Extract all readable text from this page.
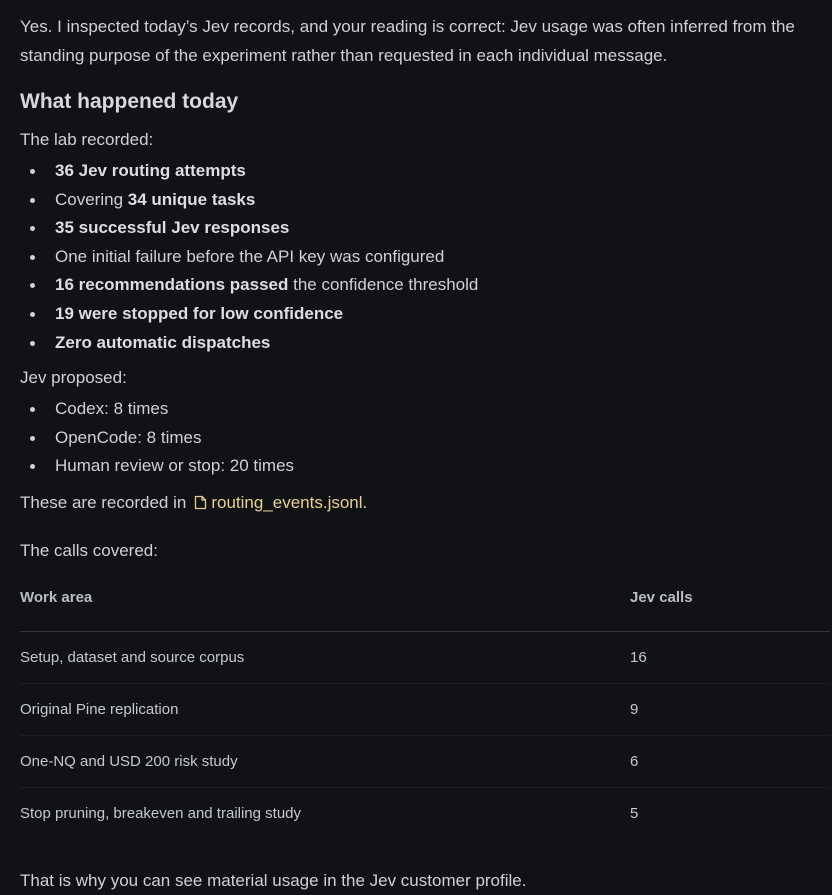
Yes. I inspected today’s Jev records, and your reading is correct: Jev usage was often inferred from the standing purpose of the experiment rather than requested in each individual message.

What happened today

The lab recorded:

36 Jev routing attempts
Covering 34 unique tasks
35 successful Jev responses
One initial failure before the API key was configured
16 recommendations passed the confidence threshold
19 were stopped for low confidence
Zero automatic dispatches

Jev proposed:

Codex: 8 times
OpenCode: 8 times
Human review or stop: 20 times

These are recorded in routing_events.jsonl.

The calls covered:

Work area	Jev calls
Setup, dataset and source corpus	16
Original Pine replication	9
One-NQ and USD 200 risk study	6
Stop pruning, breakeven and trailing study	5

That is why you can see material usage in the Jev customer profile.
